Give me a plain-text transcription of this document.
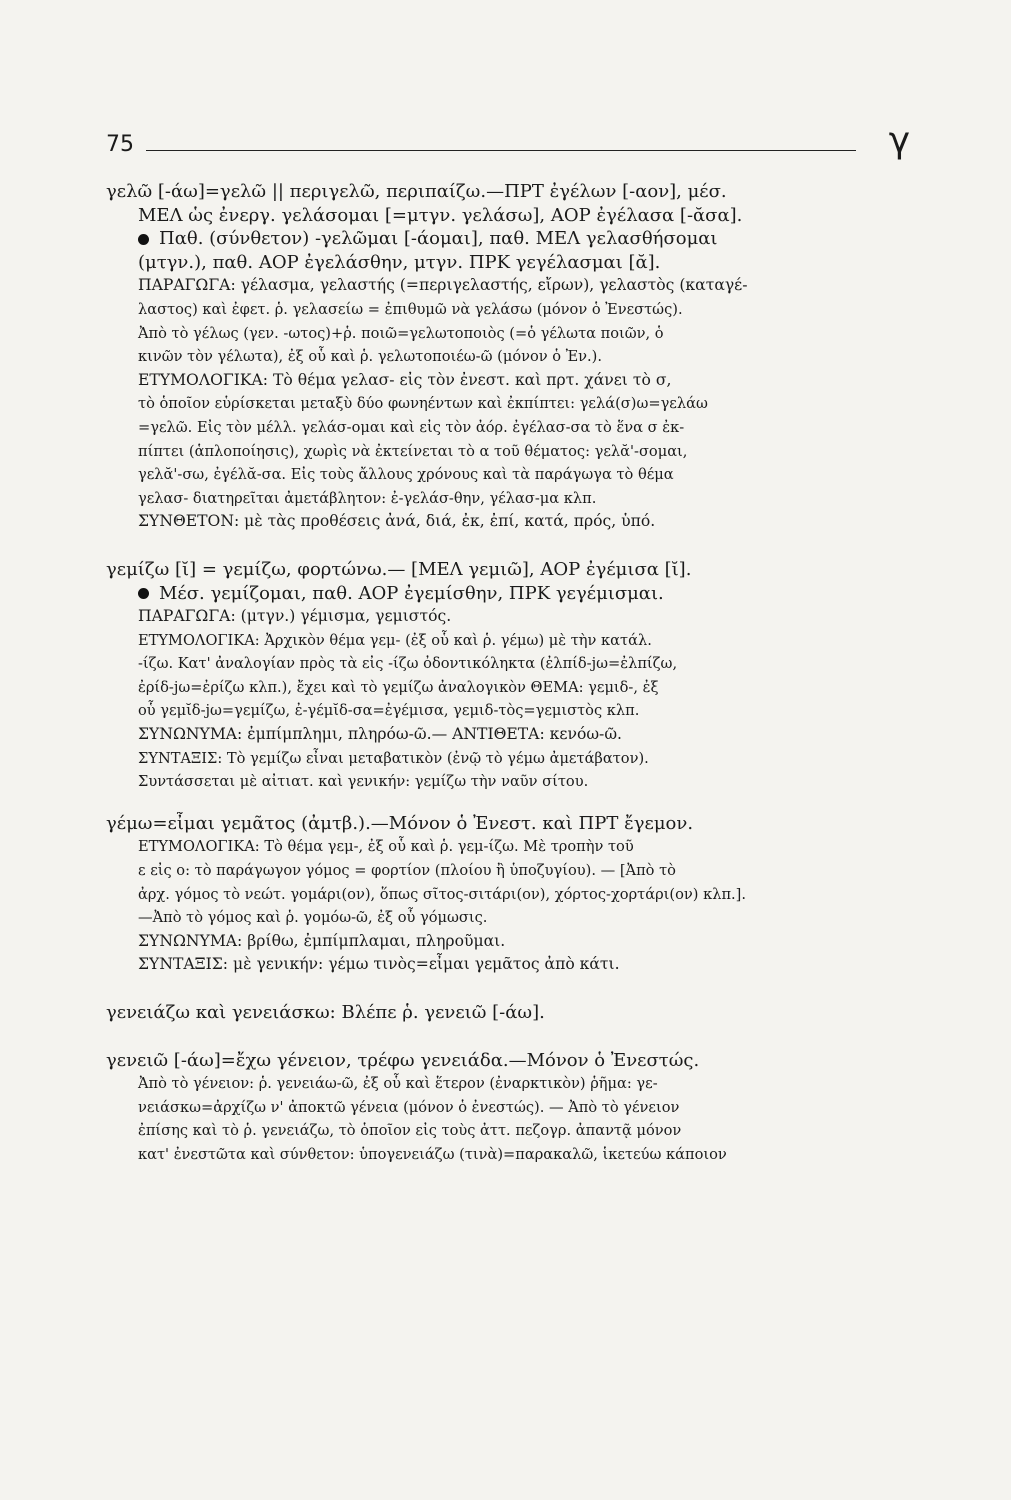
75	γ
γελῶ [-άω]=γελῶ || περιγελῶ, περιπαίζω.—ΠΡΤ ἐγέλων [-αον], μέσ.
ΜΕΛ ὡς ἐνεργ. γελάσομαι [=μτγν. γελάσω], ΑΟΡ ἐγέλασα [-ᾰσα].
Παθ. (σύνθετον) -γελῶμαι [-άομαι], παθ. ΜΕΛ γελασθήσομαι
(μτγν.), παθ. ΑΟΡ ἐγελάσθην, μτγν. ΠΡΚ γεγέλασμαι [ᾰ].
ΠΑΡΑΓΩΓΑ: γέλασμα, γελαστής (=περιγελαστής, εἴρων), γελαστὸς (καταγέ-
λαστος) καὶ ἐφετ. ῥ. γελασείω = ἐπιθυμῶ νὰ γελάσω (μόνον ὁ Ἐνεστώς).
Ἀπὸ τὸ γέλως (γεν. -ωτος)+ῥ. ποιῶ=γελωτοποιὸς (=ὁ γέλωτα ποιῶν, ὁ
κινῶν τὸν γέλωτα), ἐξ οὗ καὶ ῥ. γελωτοποιέω-ῶ (μόνον ὁ Ἐν.).
ΕΤΥΜΟΛΟΓΙΚΑ: Τὸ θέμα γελασ- εἰς τὸν ἐνεστ. καὶ πρτ. χάνει τὸ σ,
τὸ ὁποῖον εὑρίσκεται μεταξὺ δύο φωνηέντων καὶ ἐκπίπτει: γελά(σ)ω=γελάω
=γελῶ. Εἰς τὸν μέλλ. γελάσ-ομαι καὶ εἰς τὸν ἀόρ. ἐγέλασ-σα τὸ ἕνα σ ἐκ-
πίπτει (ἁπλοποίησις), χωρὶς νὰ ἐκτείνεται τὸ α τοῦ θέματος: γελᾰ'-σομαι,
γελᾰ'-σω, ἐγέλᾰ-σα. Εἰς τοὺς ἄλλους χρόνους καὶ τὰ παράγωγα τὸ θέμα
γελασ- διατηρεῖται ἀμετάβλητον: ἐ-γελάσ-θην, γέλασ-μα κλπ.
ΣΥΝΘΕΤΟΝ: μὲ τὰς προθέσεις ἀνά, διά, ἐκ, ἐπί, κατά, πρός, ὑπό.
γεμίζω [ῐ] = γεμίζω, φορτώνω.— [ΜΕΛ γεμιῶ], ΑΟΡ ἐγέμισα [ῐ].
Μέσ. γεμίζομαι, παθ. ΑΟΡ ἐγεμίσθην, ΠΡΚ γεγέμισμαι.
ΠΑΡΑΓΩΓΑ: (μτγν.) γέμισμα, γεμιστός.
ΕΤΥΜΟΛΟΓΙΚΑ: Ἀρχικὸν θέμα γεμ- (ἐξ οὗ καὶ ῥ. γέμω) μὲ τὴν κατάλ.
-ίζω. Κατ' ἀναλογίαν πρὸς τὰ εἰς -ίζω ὀδοντικόληκτα (ἐλπίδ-jω=ἐλπίζω,
ἐρίδ-jω=ἐρίζω κλπ.), ἔχει καὶ τὸ γεμίζω ἀναλογικὸν ΘΕΜΑ: γεμιδ-, ἐξ
οὗ γεμῐδ-jω=γεμίζω, ἐ-γέμῐδ-σα=ἐγέμισα, γεμιδ-τὸς=γεμιστὸς κλπ.
ΣΥΝΩΝΥΜΑ: ἐμπίμπλημι, πληρόω-ῶ.— ΑΝΤΙΘΕΤΑ: κενόω-ῶ.
ΣΥΝΤΑΞΙΣ: Τὸ γεμίζω εἶναι μεταβατικὸν (ἐνῷ τὸ γέμω ἀμετάβατον).
Συντάσσεται μὲ αἰτιατ. καὶ γενικήν: γεμίζω τὴν ναῦν σίτου.
γέμω=εἶμαι γεμᾶτος (ἀμτβ.).—Μόνον ὁ Ἐνεστ. καὶ ΠΡΤ ἔγεμον.
ΕΤΥΜΟΛΟΓΙΚΑ: Τὸ θέμα γεμ-, ἐξ οὗ καὶ ῥ. γεμ-ίζω. Μὲ τροπὴν τοῦ
ε εἰς ο: τὸ παράγωγον γόμος = φορτίον (πλοίου ἢ ὑποζυγίου). — [Ἀπὸ τὸ
ἀρχ. γόμος τὸ νεώτ. γομάρι(ον), ὅπως σῖτος-σιτάρι(ον), χόρτος-χορτάρι(ον) κλπ.].
—Ἀπὸ τὸ γόμος καὶ ῥ. γομόω-ῶ, ἐξ οὗ γόμωσις.
ΣΥΝΩΝΥΜΑ: βρίθω, ἐμπίμπλαμαι, πληροῦμαι.
ΣΥΝΤΑΞΙΣ: μὲ γενικήν: γέμω τινὸς=εἶμαι γεμᾶτος ἀπὸ κάτι.
γενειάζω καὶ γενειάσκω: Βλέπε ῥ. γενειῶ [-άω].
γενειῶ [-άω]=ἔχω γένειον, τρέφω γενειάδα.—Μόνον ὁ Ἐνεστώς.
Ἀπὸ τὸ γένειον: ῥ. γενειάω-ῶ, ἐξ οὗ καὶ ἕτερον (ἐναρκτικὸν) ῥῆμα: γε-
νειάσκω=ἀρχίζω ν' ἀποκτῶ γένεια (μόνον ὁ ἐνεστώς). — Ἀπὸ τὸ γένειον
ἐπίσης καὶ τὸ ῥ. γενειάζω, τὸ ὁποῖον εἰς τοὺς ἀττ. πεζογρ. ἀπαντᾷ μόνον
κατ' ἐνεστῶτα καὶ σύνθετον: ὑπογενειάζω (τινὰ)=παρακαλῶ, ἱκετεύω κάποιον
